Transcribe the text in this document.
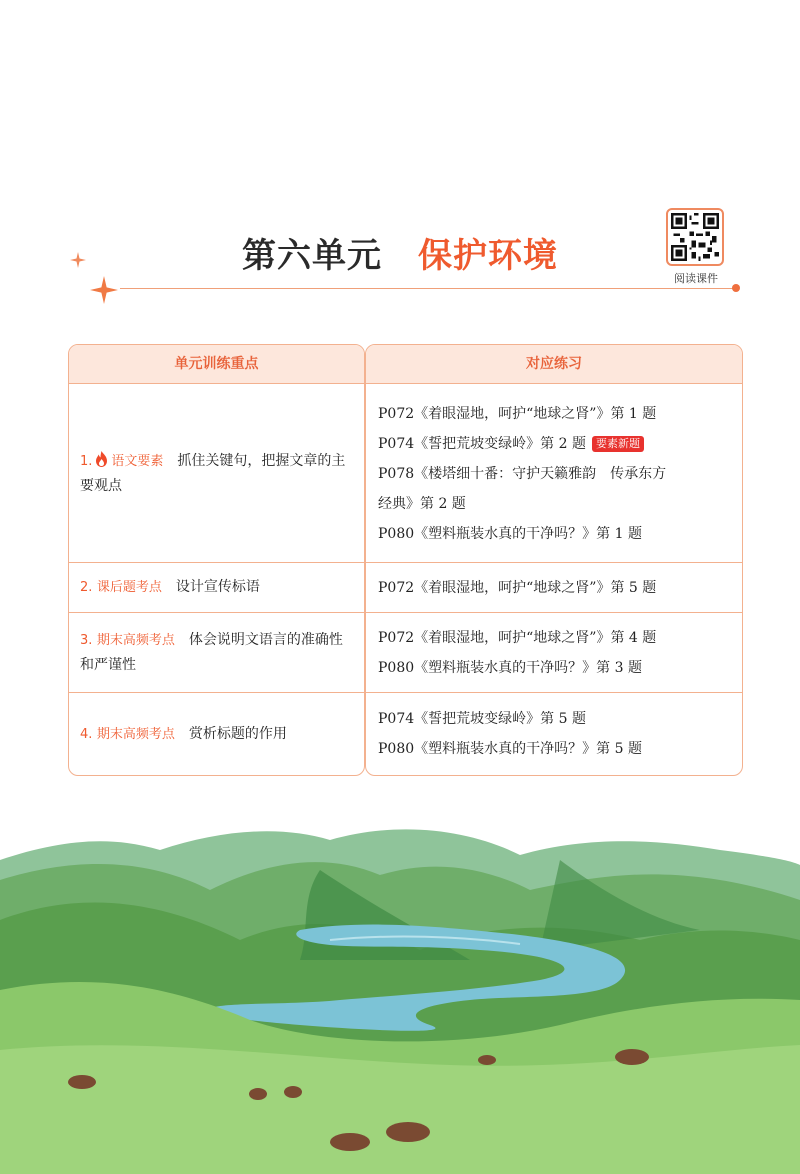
第六单元 保护环境
阅读课件
单元训练重点
1. 语文要素 抓住关键句，把握文章的主要观点
2. 课后题考点 设计宣传标语
3. 期末高频考点 体会说明文语言的准确性和严谨性
4. 期末高频考点 赏析标题的作用
对应练习
P072《着眼湿地，呵护“地球之肾”》第 1 题
P074《誓把荒坡变绿岭》第 2 题 要素新题
P078《楼塔细十番：守护天籁雅韵　传承东方
经典》第 2 题
P080《塑料瓶装水真的干净吗？》第 1 题
P072《着眼湿地，呵护“地球之肾”》第 5 题
P072《着眼湿地，呵护“地球之肾”》第 4 题
P080《塑料瓶装水真的干净吗？》第 3 题
P074《誓把荒坡变绿岭》第 5 题
P080《塑料瓶装水真的干净吗？》第 5 题
